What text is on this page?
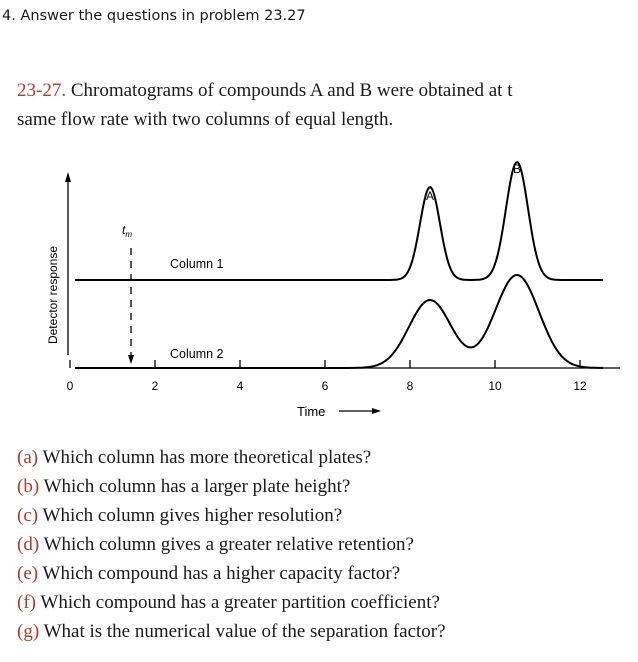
4. Answer the questions in problem 23.27
23-27. Chromatograms of compounds A and B were obtained at t
same flow rate with two columns of equal length.
Detector response
0	2	4	6	8	10	12
$t_m$
Column 1
Column 2
A
B
Time
(a) Which column has more theoretical plates?
(b) Which column has a larger plate height?
(c) Which column gives higher resolution?
(d) Which column gives a greater relative retention?
(e) Which compound has a higher capacity factor?
(f) Which compound has a greater partition coefficient?
(g) What is the numerical value of the separation factor?
